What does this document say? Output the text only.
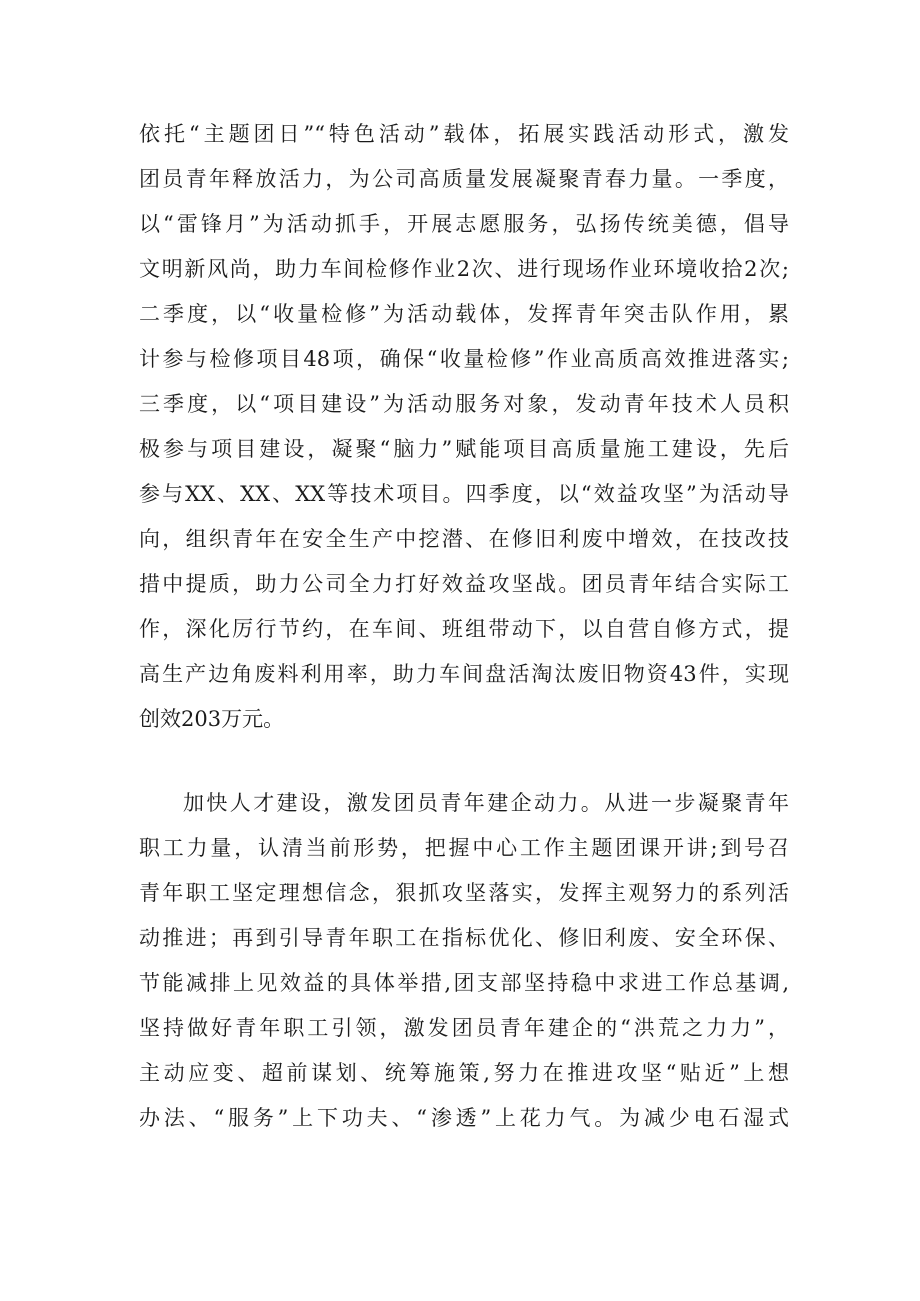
依托“主题团日”“特色活动”载体，拓展实践活动形式，激发
团员青年释放活力，为公司高质量发展凝聚青春力量。一季度，
以“雷锋月”为活动抓手，开展志愿服务，弘扬传统美德，倡导
文明新风尚，助力车间检修作业2次、进行现场作业环境收拾2次;
二季度，以“收量检修”为活动载体，发挥青年突击队作用，累
计参与检修项目48项，确保“收量检修”作业高质高效推进落实;
三季度，以“项目建设”为活动服务对象，发动青年技术人员积
极参与项目建设，凝聚“脑力”赋能项目高质量施工建设，先后
参与XX、XX、XX等技术项目。四季度，以“效益攻坚”为活动导
向，组织青年在安全生产中挖潜、在修旧利废中增效，在技改技
措中提质，助力公司全力打好效益攻坚战。团员青年结合实际工
作，深化厉行节约，在车间、班组带动下，以自营自修方式，提
高生产边角废料利用率，助力车间盘活淘汰废旧物资43件，实现
创效203万元。
加快人才建设，激发团员青年建企动力。从进一步凝聚青年
职工力量，认清当前形势，把握中心工作主题团课开讲;到号召
青年职工坚定理想信念，狠抓攻坚落实，发挥主观努力的系列活
动推进；再到引导青年职工在指标优化、修旧利废、安全环保、
节能减排上见效益的具体举措,团支部坚持稳中求进工作总基调,
坚持做好青年职工引领，激发团员青年建企的“洪荒之力力”，
主动应变、超前谋划、统筹施策,努力在推进攻坚“贴近”上想
办法、“服务”上下功夫、“渗透”上花力气。为减少电石湿式
